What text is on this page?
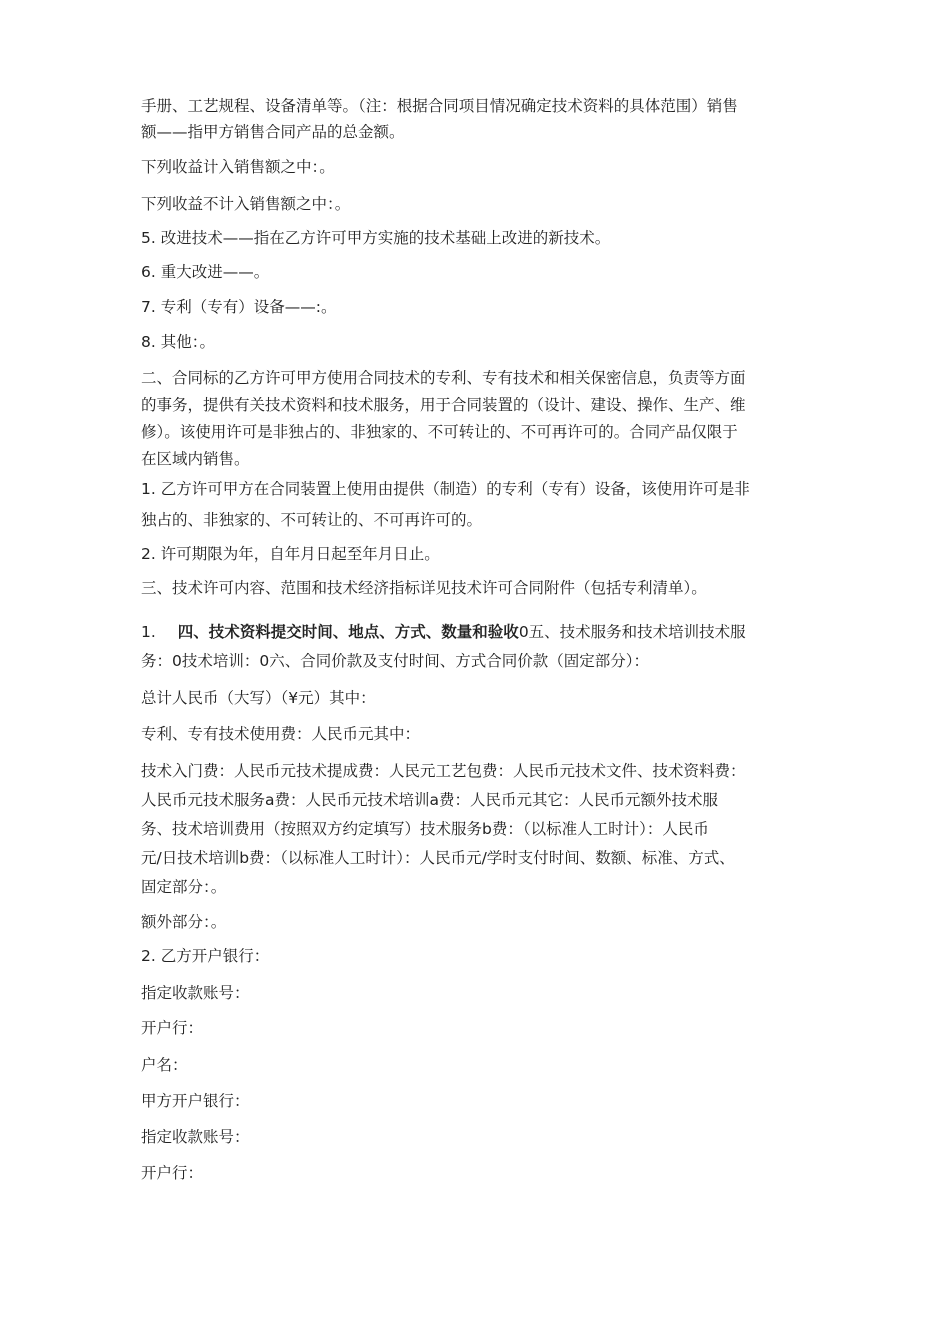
手册、工艺规程、设备清单等。（注：根据合同项目情况确定技术资料的具体范围）销售
额——指甲方销售合同产品的总金额。
下列收益计入销售额之中：。
下列收益不计入销售额之中：。
5. 改进技术——指在乙方许可甲方实施的技术基础上改进的新技术。
6. 重大改进——。
7. 专利（专有）设备——:。
8. 其他：。
二、合同标的乙方许可甲方使用合同技术的专利、专有技术和相关保密信息，负责等方面
的事务，提供有关技术资料和技术服务，用于合同装置的（设计、建设、操作、生产、维
修）。该使用许可是非独占的、非独家的、不可转让的、不可再许可的。合同产品仅限于
在区域内销售。
1. 乙方许可甲方在合同装置上使用由提供（制造）的专利（专有）设备，该使用许可是非
独占的、非独家的、不可转让的、不可再许可的。
2. 许可期限为年，自年月日起至年月日止。
三、技术许可内容、范围和技术经济指标详见技术许可合同附件（包括专利清单）。
1. 四、技术资料提交时间、地点、方式、数量和验收0五、技术服务和技术培训技术服
务：0技术培训：0六、合同价款及支付时间、方式合同价款（固定部分）：
总计人民币（大写）（¥元）其中：
专利、专有技术使用费：人民币元其中：
技术入门费：人民币元技术提成费：人民元工艺包费：人民币元技术文件、技术资料费：
人民币元技术服务a费：人民币元技术培训a费：人民币元其它：人民币元额外技术服
务、技术培训费用（按照双方约定填写）技术服务b费：（以标准人工时计）：人民币
元/日技术培训b费：（以标准人工时计）：人民币元/学时支付时间、数额、标准、方式、
固定部分：。
额外部分：。
2. 乙方开户银行：
指定收款账号：
开户行：
户名：
甲方开户银行：
指定收款账号：
开户行：
